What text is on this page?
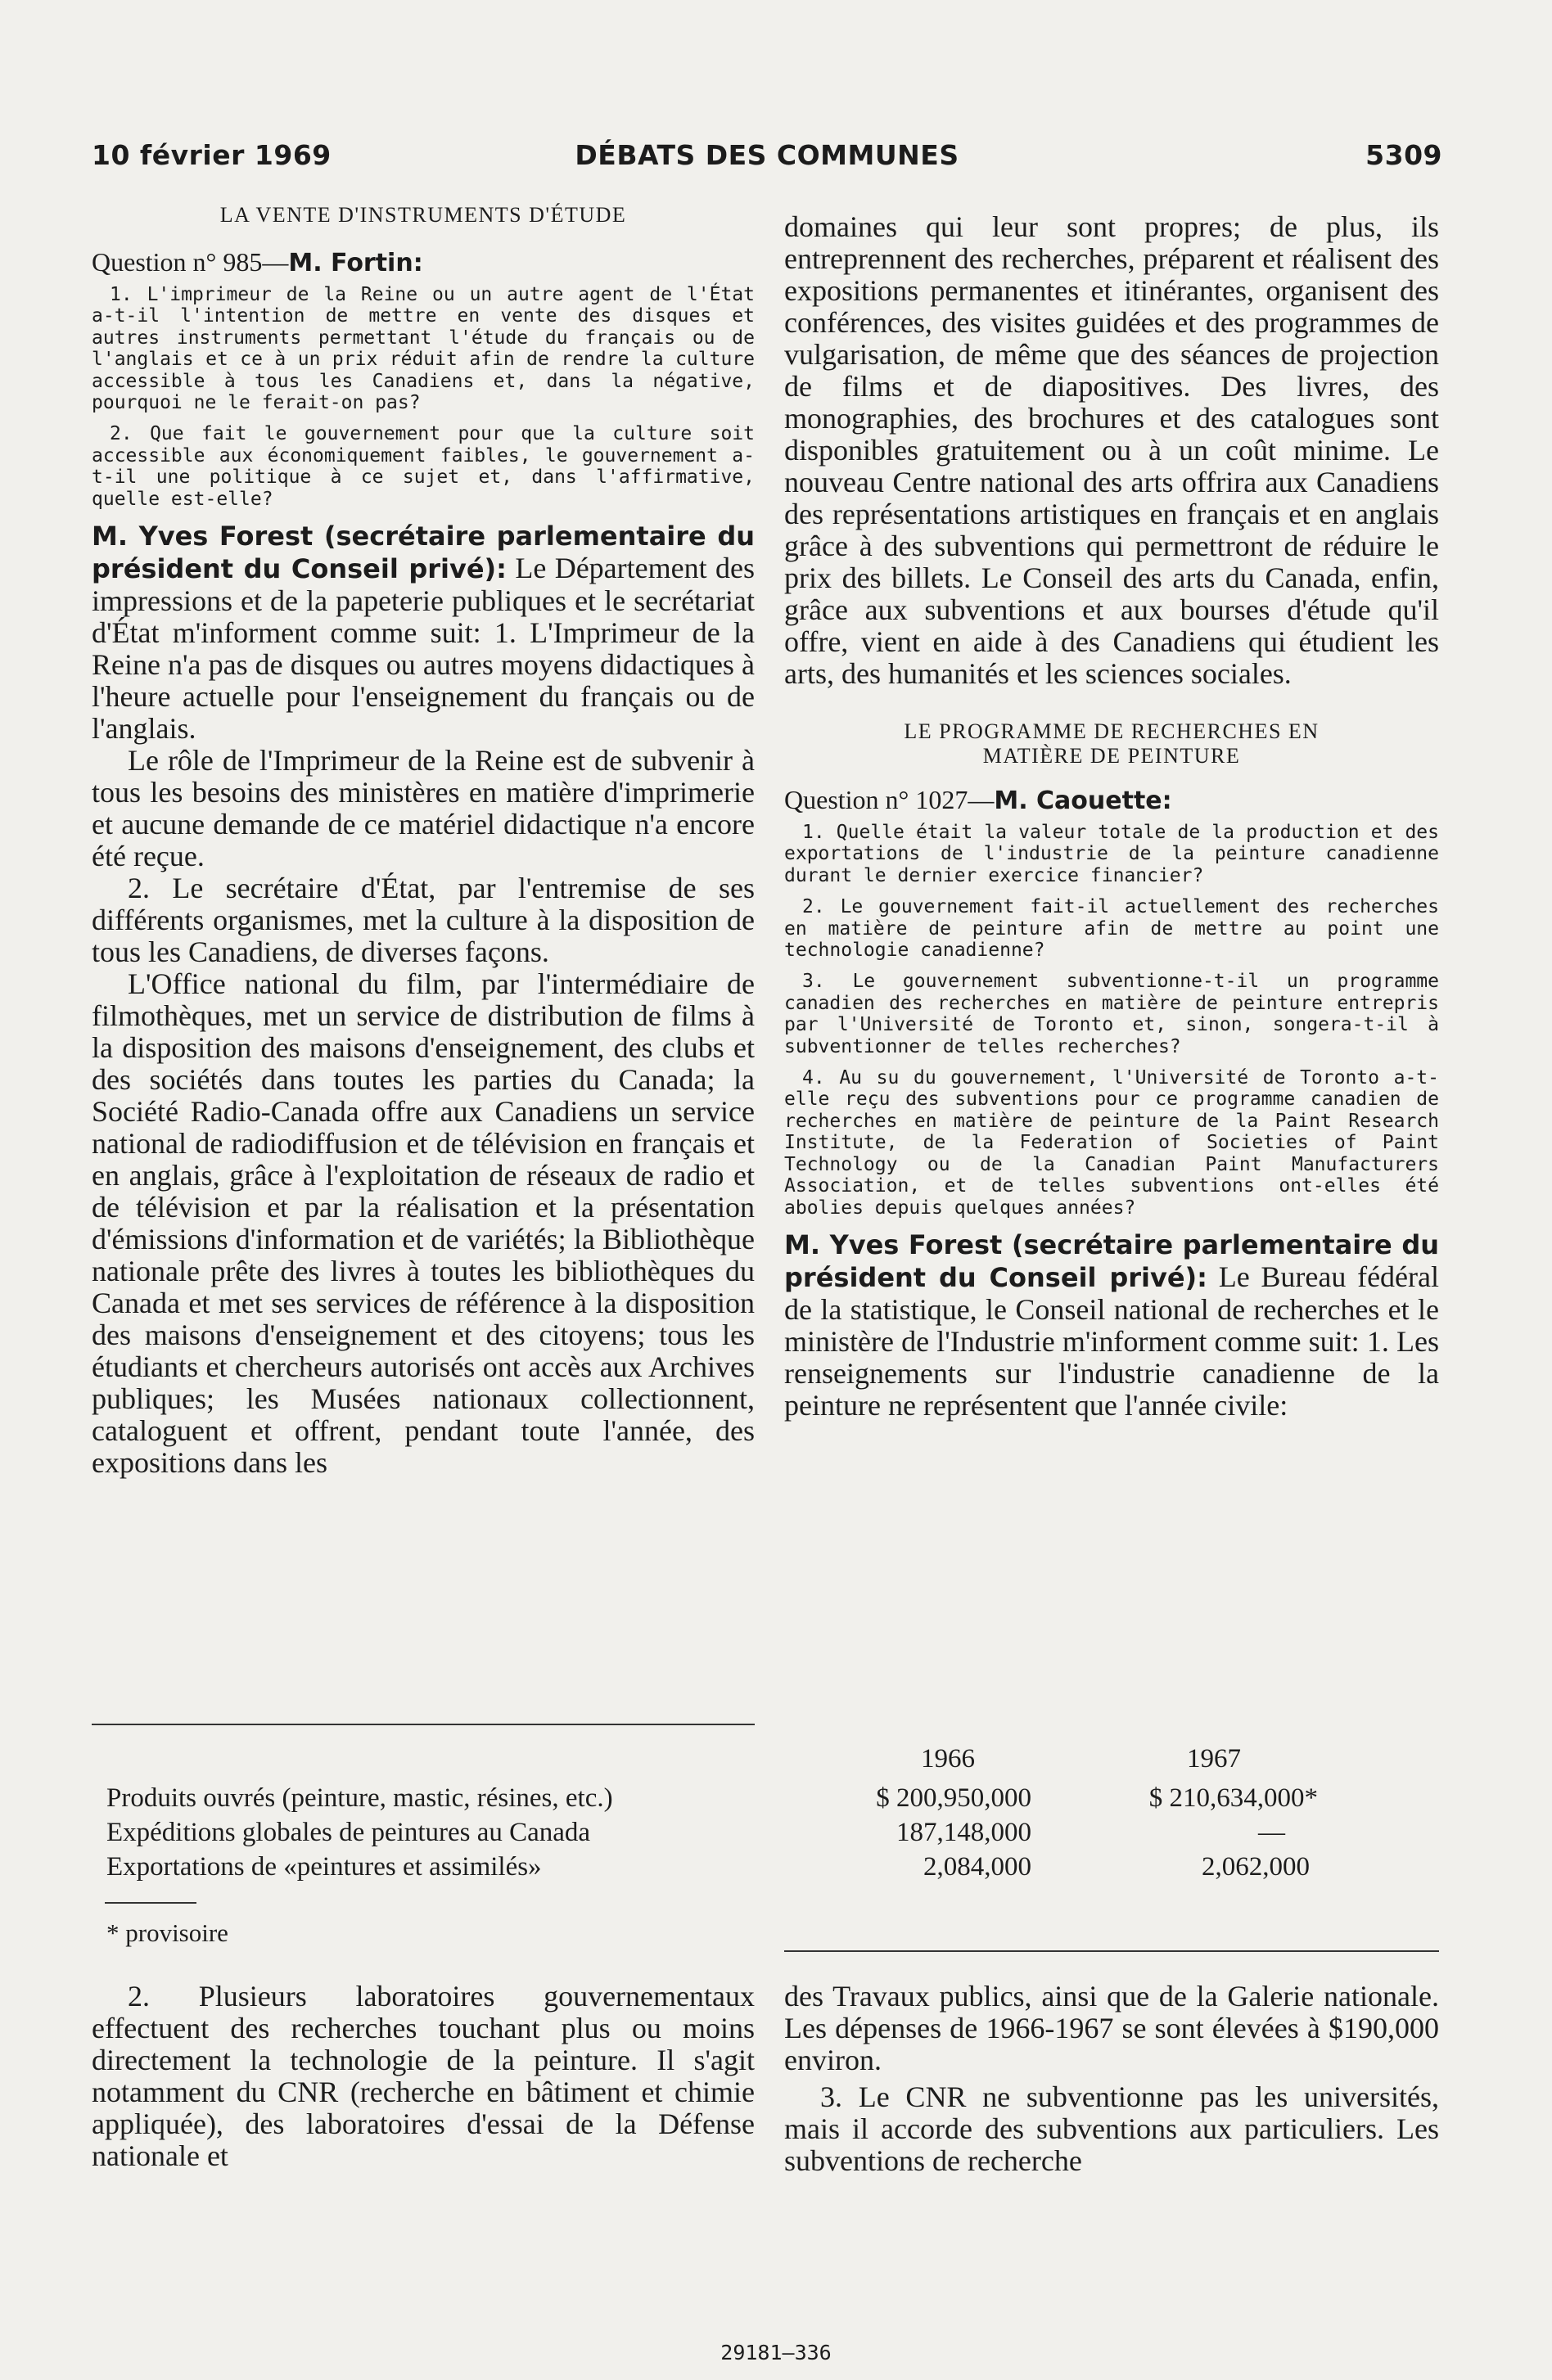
10 février 1969	DÉBATS DES COMMUNES	5309
LA VENTE D'INSTRUMENTS D'ÉTUDE
Question n° 985—M. Fortin:

1. L'imprimeur de la Reine ou un autre agent de l'État a-t-il l'intention de mettre en vente des disques et autres instruments permettant l'étude du français ou de l'anglais et ce à un prix réduit afin de rendre la culture accessible à tous les Canadiens et, dans la négative, pourquoi ne le ferait-on pas?

2. Que fait le gouvernement pour que la culture soit accessible aux économiquement faibles, le gouvernement a-t-il une politique à ce sujet et, dans l'affirmative, quelle est-elle?

M. Yves Forest (secrétaire parlementaire du président du Conseil privé): Le Département des impressions et de la papeterie publiques et le secrétariat d'État m'informent comme suit: 1. L'Imprimeur de la Reine n'a pas de disques ou autres moyens didactiques à l'heure actuelle pour l'enseignement du français ou de l'anglais.

Le rôle de l'Imprimeur de la Reine est de subvenir à tous les besoins des ministères en matière d'imprimerie et aucune demande de ce matériel didactique n'a encore été reçue.

2. Le secrétaire d'État, par l'entremise de ses différents organismes, met la culture à la disposition de tous les Canadiens, de diverses façons.

L'Office national du film, par l'intermédiaire de filmothèques, met un service de distribution de films à la disposition des maisons d'enseignement, des clubs et des sociétés dans toutes les parties du Canada; la Société Radio-Canada offre aux Canadiens un service national de radiodiffusion et de télévision en français et en anglais, grâce à l'exploitation de réseaux de radio et de télévision et par la réalisation et la présentation d'émissions d'information et de variétés; la Bibliothèque nationale prête des livres à toutes les bibliothèques du Canada et met ses services de référence à la disposition des maisons d'enseignement et des citoyens; tous les étudiants et chercheurs autorisés ont accès aux Archives publiques; les Musées nationaux collectionnent, cataloguent et offrent, pendant toute l'année, des expositions dans les

domaines qui leur sont propres; de plus, ils entreprennent des recherches, préparent et réalisent des expositions permanentes et itinérantes, organisent des conférences, des visites guidées et des programmes de vulgarisation, de même que des séances de projection de films et de diapositives. Des livres, des monographies, des brochures et des catalogues sont disponibles gratuitement ou à un coût minime. Le nouveau Centre national des arts offrira aux Canadiens des représentations artistiques en français et en anglais grâce à des subventions qui permettront de réduire le prix des billets. Le Conseil des arts du Canada, enfin, grâce aux subventions et aux bourses d'étude qu'il offre, vient en aide à des Canadiens qui étudient les arts, des humanités et les sciences sociales.

LE PROGRAMME DE RECHERCHES EN
MATIÈRE DE PEINTURE
Question n° 1027—M. Caouette:

1. Quelle était la valeur totale de la production et des exportations de l'industrie de la peinture canadienne durant le dernier exercice financier?

2. Le gouvernement fait-il actuellement des recherches en matière de peinture afin de mettre au point une technologie canadienne?

3. Le gouvernement subventionne-t-il un programme canadien des recherches en matière de peinture entrepris par l'Université de Toronto et, sinon, songera-t-il à subventionner de telles recherches?

4. Au su du gouvernement, l'Université de Toronto a-t-elle reçu des subventions pour ce programme canadien de recherches en matière de peinture de la Paint Research Institute, de la Federation of Societies of Paint Technology ou de la Canadian Paint Manufacturers Association, et de telles subventions ont-elles été abolies depuis quelques années?

M. Yves Forest (secrétaire parlementaire du président du Conseil privé): Le Bureau fédéral de la statistique, le Conseil national de recherches et le ministère de l'Industrie m'informent comme suit: 1. Les renseignements sur l'industrie canadienne de la peinture ne représentent que l'année civile:

1966	1967
Produits ouvrés (peinture, mastic, résines, etc.)	$ 200,950,000	$ 210,634,000*
Expéditions globales de peintures au Canada	187,148,000	—
Exportations de «peintures et assimilés»	2,084,000	2,062,000
* provisoire

2. Plusieurs laboratoires gouvernementaux effectuent des recherches touchant plus ou moins directement la technologie de la peinture. Il s'agit notamment du CNR (recherche en bâtiment et chimie appliquée), des laboratoires d'essai de la Défense nationale et

des Travaux publics, ainsi que de la Galerie nationale. Les dépenses de 1966-1967 se sont élevées à $190,000 environ.

3. Le CNR ne subventionne pas les universités, mais il accorde des subventions aux particuliers. Les subventions de recherche

29181—336
